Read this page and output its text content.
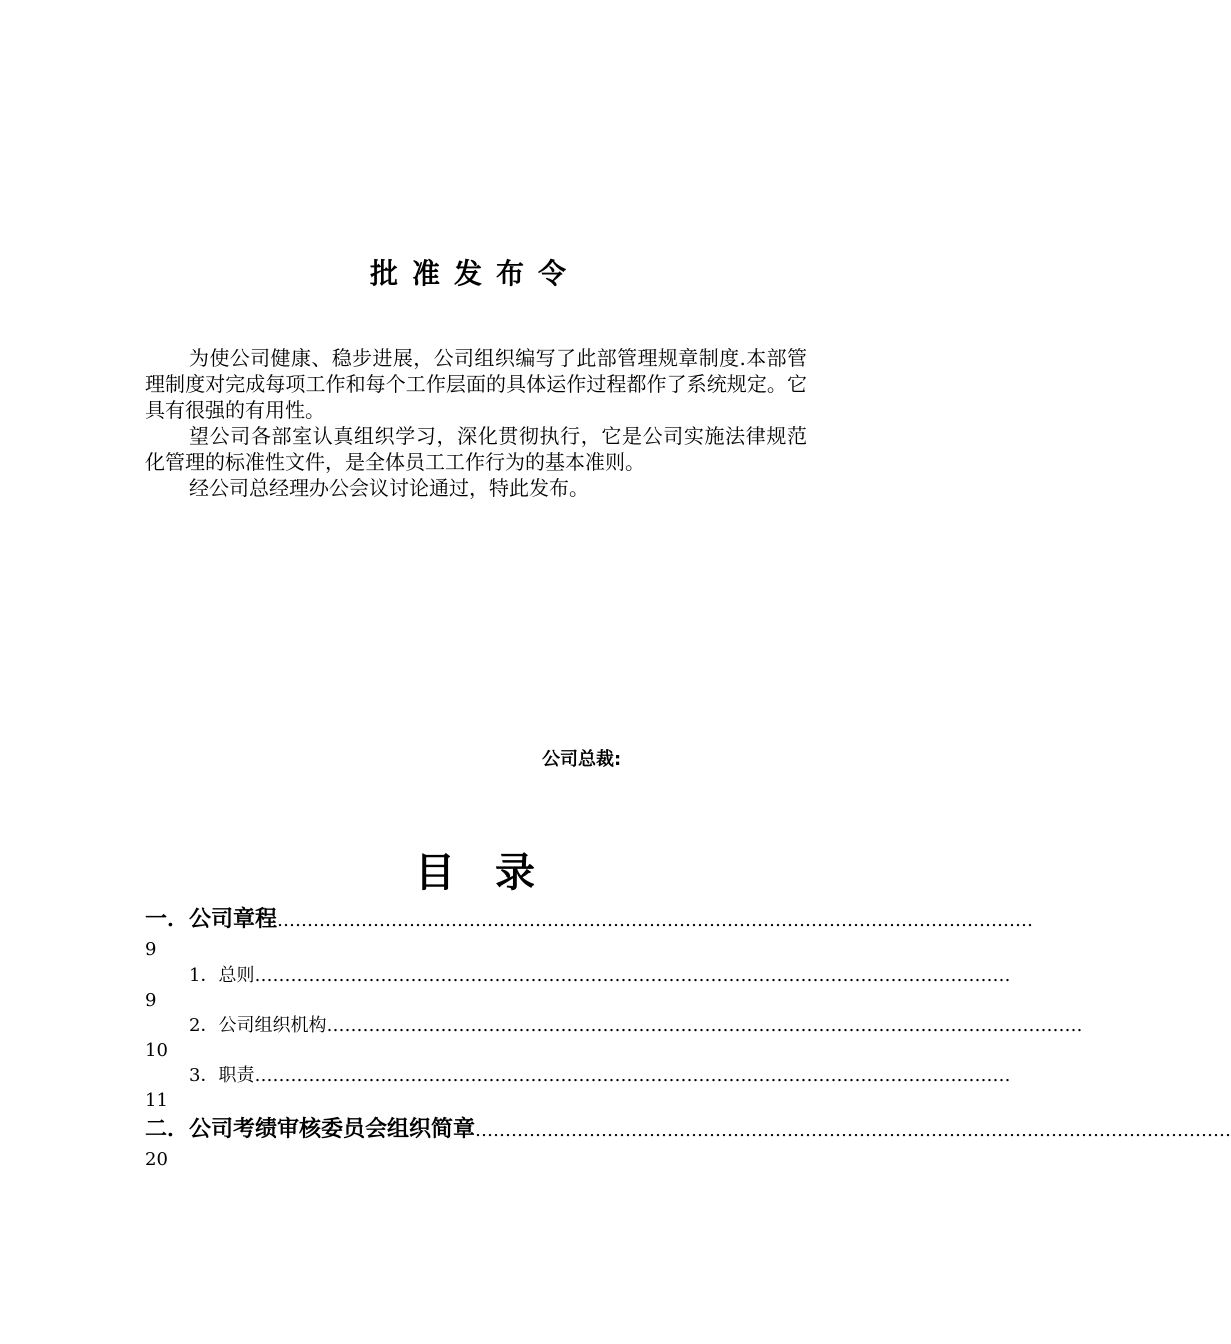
批准发布令

为使公司健康、稳步进展，公司组织编写了此部管理规章制度.本部管理制度对完成每项工作和每个工作层面的具体运作过程都作了系统规定。它具有很强的有用性。

望公司各部室认真组织学习，深化贯彻执行，它是公司实施法律规范化管理的标准性文件，是全体员工工作行为的基本准则。

经公司总经理办公会议讨论通过，特此发布。

公司总裁:
目 录
一．公司章程 ………………………………………………………………………………………………………………
9
1．总则 ………………………………………………………………………………………………………………
9
2．公司组织机构 ………………………………………………………………………………………………………………
10
3．职责 ………………………………………………………………………………………………………………
11
二．公司考绩审核委员会组织简章 ………………………………………………………………………………………………………………
20
